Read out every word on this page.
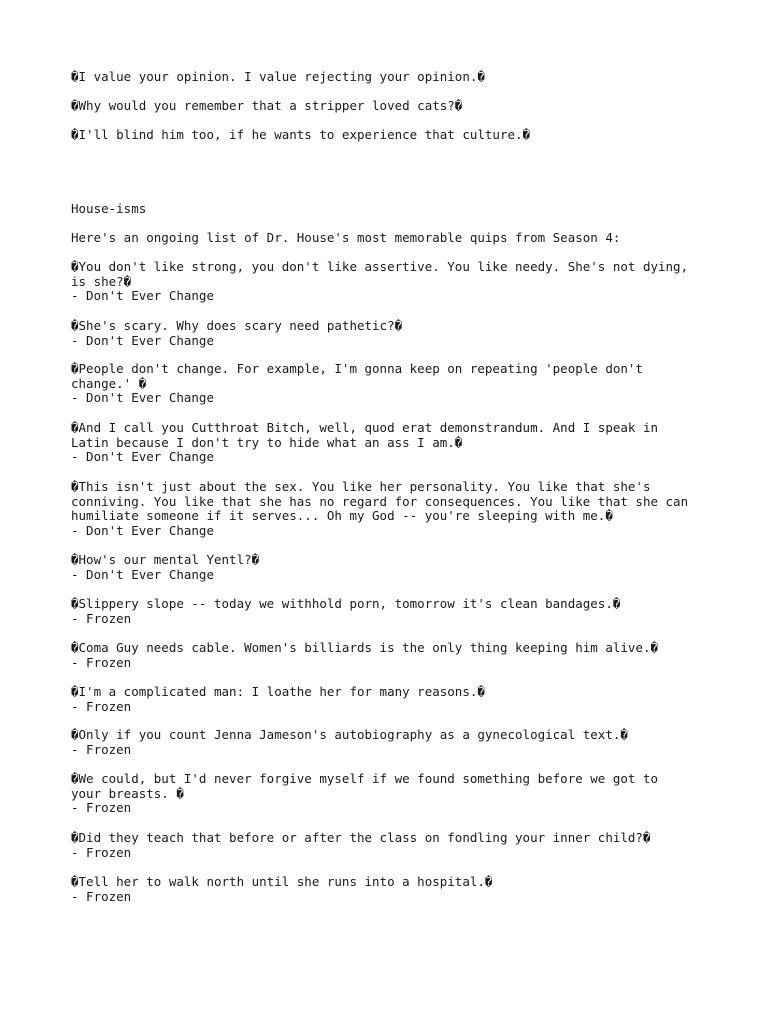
�I value your opinion. I value rejecting your opinion.�
�Why would you remember that a stripper loved cats?�
�I'll blind him too, if he wants to experience that culture.�
House-isms
Here's an ongoing list of Dr. House's most memorable quips from Season 4:
�You don't like strong, you don't like assertive. You like needy. She's not dying,
is she?�
- Don't Ever Change
�She's scary. Why does scary need pathetic?�
- Don't Ever Change
�People don't change. For example, I'm gonna keep on repeating 'people don't
change.' �
- Don't Ever Change
�And I call you Cutthroat Bitch, well, quod erat demonstrandum. And I speak in
Latin because I don't try to hide what an ass I am.�
- Don't Ever Change
�This isn't just about the sex. You like her personality. You like that she's
conniving. You like that she has no regard for consequences. You like that she can
humiliate someone if it serves... Oh my God -- you're sleeping with me.�
- Don't Ever Change
�How's our mental Yentl?�
- Don't Ever Change
�Slippery slope -- today we withhold porn, tomorrow it's clean bandages.�
- Frozen
�Coma Guy needs cable. Women's billiards is the only thing keeping him alive.�
- Frozen
�I'm a complicated man: I loathe her for many reasons.�
- Frozen
�Only if you count Jenna Jameson's autobiography as a gynecological text.�
- Frozen
�We could, but I'd never forgive myself if we found something before we got to
your breasts. �
- Frozen
�Did they teach that before or after the class on fondling your inner child?�
- Frozen
�Tell her to walk north until she runs into a hospital.�
- Frozen
